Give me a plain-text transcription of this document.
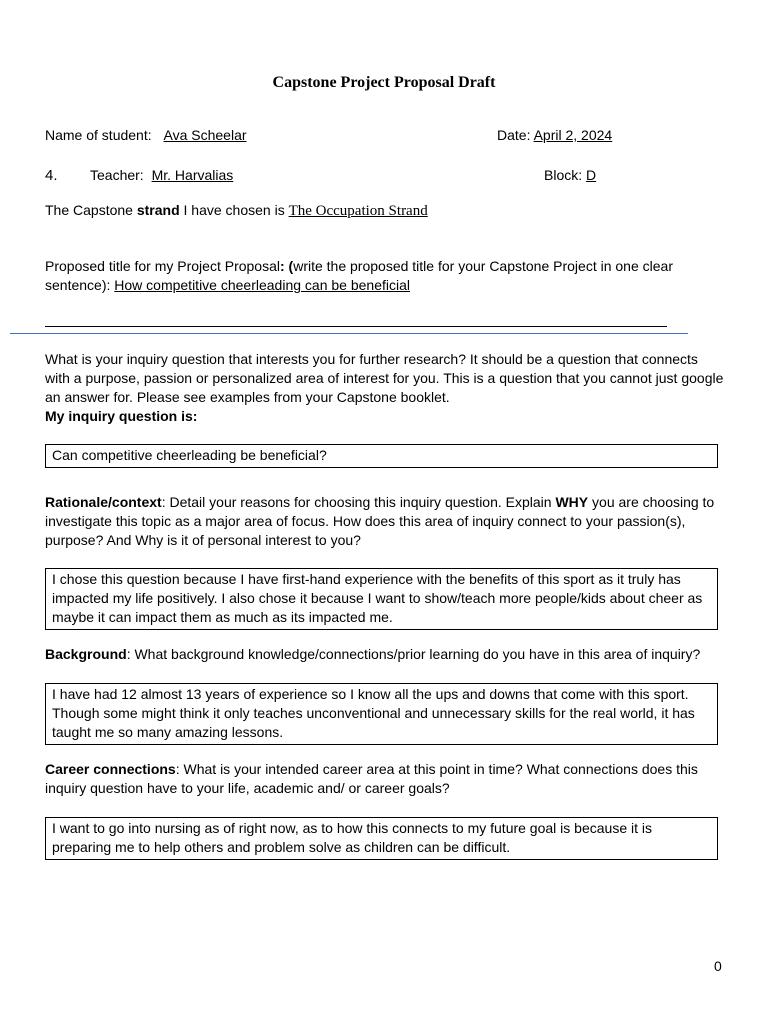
Capstone Project Proposal Draft
Name of student: Ava Scheelar	Date: April 2, 2024
4. Teacher: Mr. Harvalias	Block: D
The Capstone strand I have chosen is The Occupation Strand
Proposed title for my Project Proposal: (write the proposed title for your Capstone Project in one clear sentence): How competitive cheerleading can be beneficial
What is your inquiry question that interests you for further research? It should be a question that connects with a purpose, passion or personalized area of interest for you. This is a question that you cannot just google an answer for. Please see examples from your Capstone booklet.
My inquiry question is:
Can competitive cheerleading be beneficial?
Rationale/context: Detail your reasons for choosing this inquiry question. Explain WHY you are choosing to investigate this topic as a major area of focus. How does this area of inquiry connect to your passion(s), purpose? And Why is it of personal interest to you?
I chose this question because I have first-hand experience with the benefits of this sport as it truly has impacted my life positively. I also chose it because I want to show/teach more people/kids about cheer as maybe it can impact them as much as its impacted me.
Background: What background knowledge/connections/prior learning do you have in this area of inquiry?
I have had 12 almost 13 years of experience so I know all the ups and downs that come with this sport. Though some might think it only teaches unconventional and unnecessary skills for the real world, it has taught me so many amazing lessons.
Career connections: What is your intended career area at this point in time? What connections does this inquiry question have to your life, academic and/ or career goals?
I want to go into nursing as of right now, as to how this connects to my future goal is because it is preparing me to help others and problem solve as children can be difficult.
0
